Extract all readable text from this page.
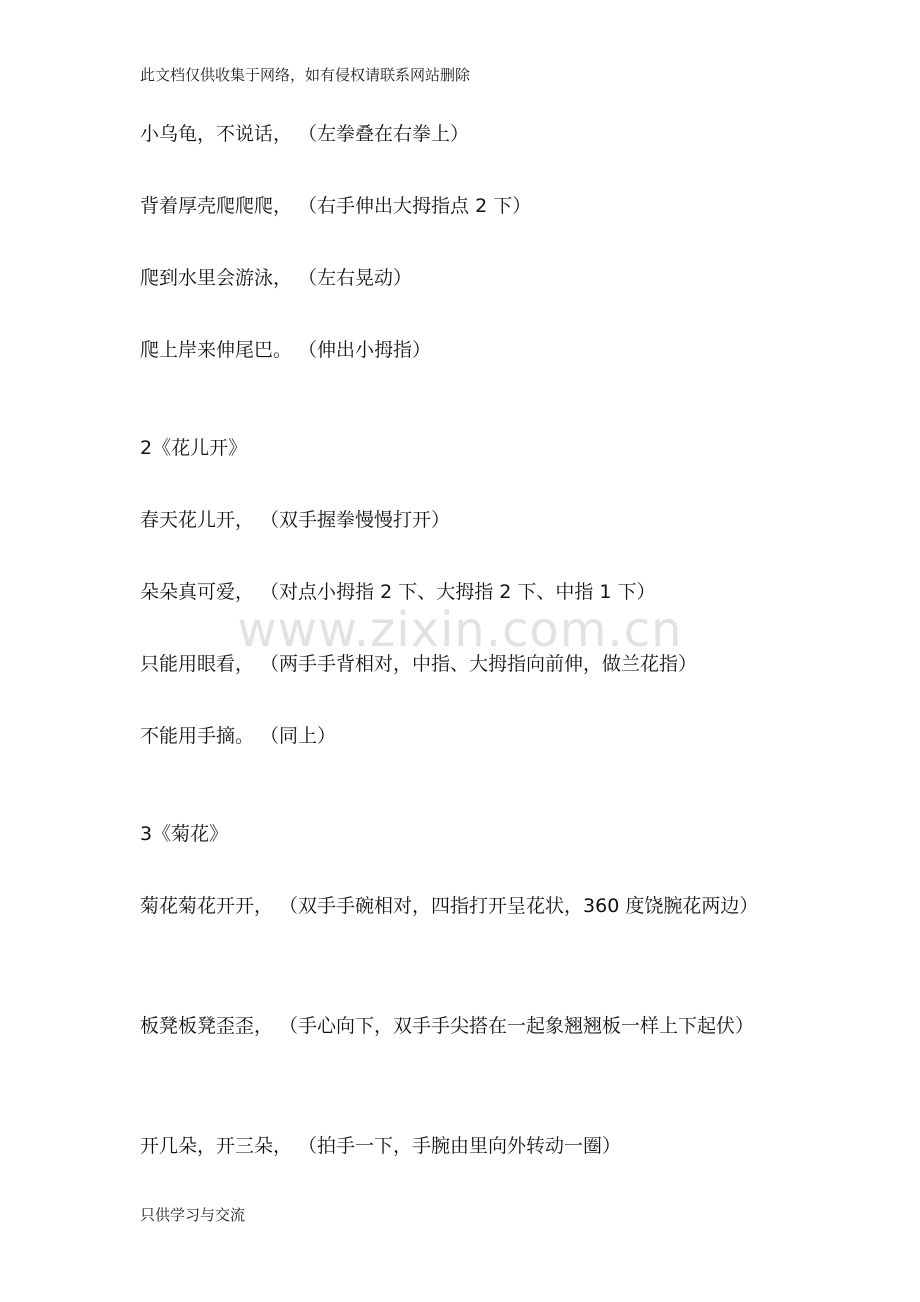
此文档仅供收集于网络，如有侵权请联系网站删除
www.zixin.com.cn
小乌龟，不说话， （左拳叠在右拳上）
背着厚壳爬爬爬， （右手伸出大拇指点 2 下）
爬到水里会游泳， （左右晃动）
爬上岸来伸尾巴。 （伸出小拇指）
2《花儿开》
春天花儿开， （双手握拳慢慢打开）
朵朵真可爱， （对点小拇指 2 下、大拇指 2 下、中指 1 下）
只能用眼看， （两手手背相对，中指、大拇指向前伸，做兰花指）
不能用手摘。 （同上）
3《菊花》
菊花菊花开开， （双手手碗相对，四指打开呈花状，360 度饶腕花两边）
板凳板凳歪歪， （手心向下，双手手尖搭在一起象翘翘板一样上下起伏）
开几朵，开三朵， （拍手一下，手腕由里向外转动一圈）
只供学习与交流
